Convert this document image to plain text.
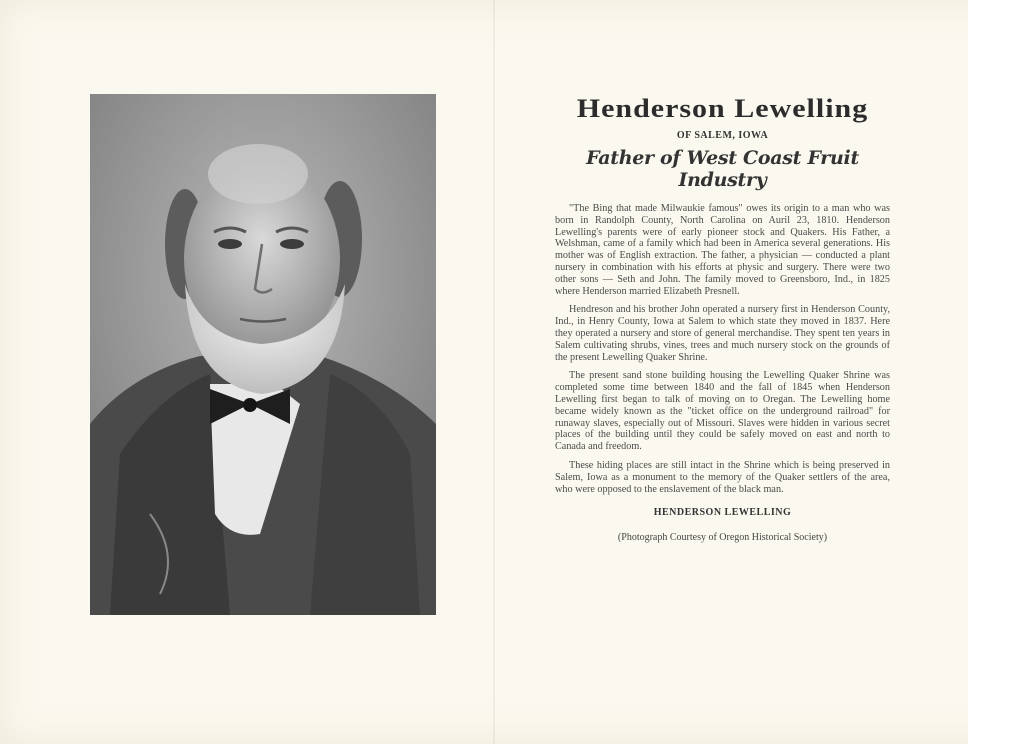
Henderson Lewelling
OF SALEM, IOWA
Father of West Coast Fruit Industry

"The Bing that made Milwaukie famous" owes its origin to a man who was born in Randolph County, North Carolina on Auril 23, 1810. Henderson Lewelling's parents were of early pioneer stock and Quakers. His Father, a Welshman, came of a family which had been in America several generations. His mother was of English extraction. The father, a physician — conducted a plant nursery in combination with his efforts at physic and surgery. There were two other sons — Seth and John. The family moved to Greensboro, Ind., in 1825 where Henderson married Elizabeth Presnell.

Hendreson and his brother John operated a nursery first in Henderson County, Ind., in Henry County, Iowa at Salem to which state they moved in 1837. Here they operated a nursery and store of general merchandise. They spent ten years in Salem cultivating shrubs, vines, trees and much nursery stock on the grounds of the present Lewelling Quaker Shrine.

The present sand stone building housing the Lewelling Quaker Shrine was completed some time between 1840 and the fall of 1845 when Henderson Lewelling first began to talk of moving on to Oregan. The Lewelling home became widely known as the "ticket office on the underground railroad" for runaway slaves, especially out of Missouri. Slaves were hidden in various secret places of the building until they could be safely moved on east and north to Canada and freedom.

These hiding places are still intact in the Shrine which is being preserved in Salem, Iowa as a monument to the memory of the Quaker settlers of the area, who were opposed to the enslavement of the black man.

HENDERSON LEWELLING
(Photograph Courtesy of Oregon Historical Society)
